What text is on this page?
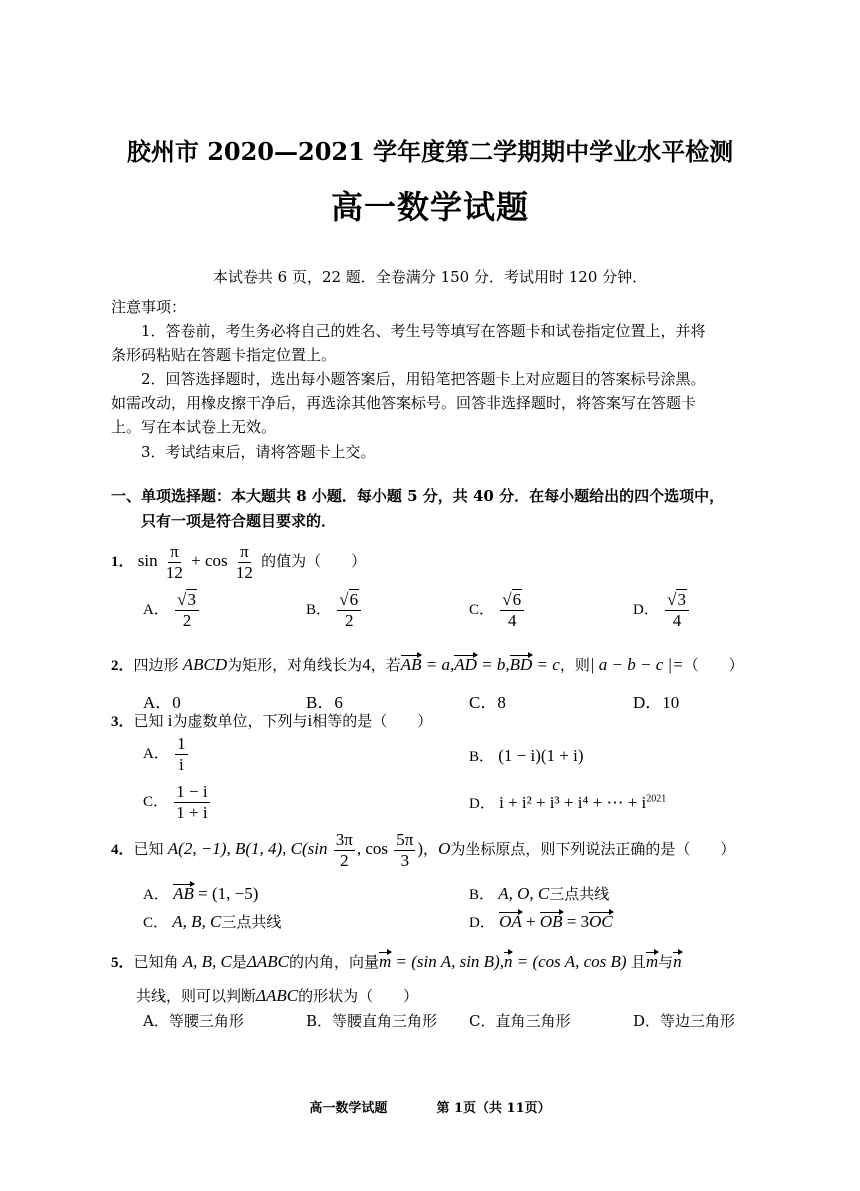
胶州市 2020—2021 学年度第二学期期中学业水平检测
高一数学试题
本试卷共 6 页，22 题．全卷满分 150 分．考试用时 120 分钟．
注意事项：
1．答卷前，考生务必将自己的姓名、考生号等填写在答题卡和试卷指定位置上，并将
条形码粘贴在答题卡指定位置上。
2．回答选择题时，选出每小题答案后，用铅笔把答题卡上对应题目的答案标号涂黑。
如需改动，用橡皮擦干净后，再选涂其他答案标号。回答非选择题时，将答案写在答题卡
上。写在本试卷上无效。
3．考试结束后，请将答题卡上交。
一、单项选择题：本大题共 8 小题．每小题 5 分，共 40 分．在每小题给出的四个选项中，
只有一项是符合题目要求的．
1． $\sin \frac{\pi}{12} + \cos \frac{\pi}{12}$ 的值为（　　）
A． $\frac{√3}{2}$	B． $\frac{√6}{2}$	C． $\frac{√6}{4}$	D． $\frac{√3}{4}$
2．四边形 ABCD为矩形，对角线长为4，若AB = a,AD = b,BD = c，则| a − b − c |=（　　）
A．0	B．6	C．8	D．10
3．已知 i为虚数单位，下列与i相等的是（　　）
A． $\frac{1}{i}$	B． (1 − i)(1 + i)
C． $\frac{1 - i}{1 + i}$	D． i + i² + i³ + i⁴ + ⋯ + $i^{2021}$
4．已知 A(2, −1), B(1, 4), $C(\sin \frac{3\pi}{2}$ , $\cos \frac{5\pi}{3}$ )，O为坐标原点，则下列说法正确的是（　　）
A． AB = (1, −5)	B． A, O, C三点共线
C． A, B, C三点共线	D． OA + OB = 3OC
5．已知角 A, B, C是ΔABC的内角，向量m = (sin A, sin B),n = (cos A, cos B) 且m与n
共线，则可以判断ΔABC的形状为（　　）
A．等腰三角形	B．等腰直角三角形 C．直角三角形	D．等边三角形
高一数学试题	第 1页（共 11页）
